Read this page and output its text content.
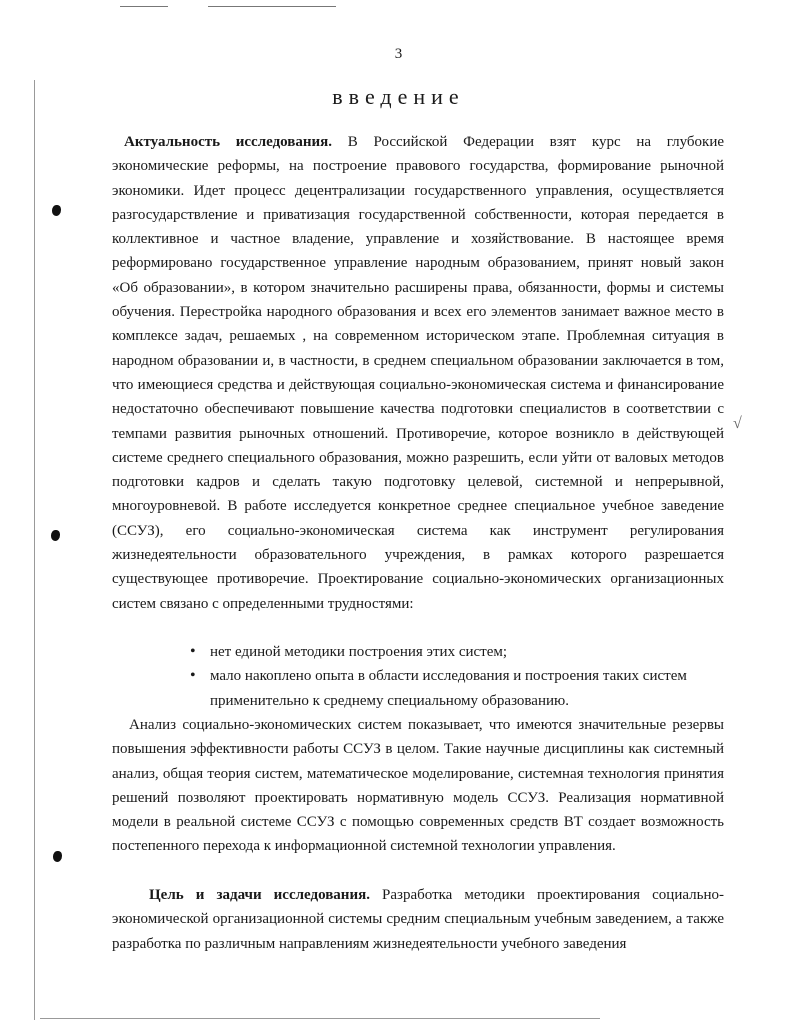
√
3
введение
Актуальность исследования. В Российской Федерации взят курс на глубокие экономические реформы, на построение правового государства, формирование рыночной экономики. Идет процесс децентрализации государственного управления, осуществляется разгосударствление и приватизация государственной собственности, которая передается в коллективное и частное владение, управление и хозяйствование. В настоящее время реформировано государственное управление народным образованием, принят новый закон «Об образовании», в котором значительно расширены права, обязанности, формы и системы обучения. Перестройка народного образования и всех его элементов занимает важное место в комплексе задач, решаемых , на современном историческом этапе. Проблемная ситуация в народном образовании и, в частности, в среднем специальном образовании заключается в том, что имеющиеся средства и действующая социально-экономическая система и финансирование недостаточно обеспечивают повышение качества подготовки специалистов в соответствии с темпами развития рыночных отношений. Противоречие, которое возникло в действующей системе среднего специального образования, можно разрешить, если уйти от валовых методов подготовки кадров и сделать такую подготовку целевой, системной и непрерывной, многоуровневой. В работе исследуется конкретное среднее специальное учебное заведение (ССУЗ), его социально-экономическая система как инструмент регулирования жизнедеятельности образовательного учреждения, в рамках которого разрешается существующее противоречие. Проектирование социально-экономических организационных систем связано с определенными трудностями:
• нет единой методики построения этих систем;
• мало накоплено опыта в области исследования и построения таких систем применительно к среднему специальному образованию.
Анализ социально-экономических систем показывает, что имеются значительные резервы повышения эффективности работы ССУЗ в целом. Такие научные дисциплины как системный анализ, общая теория систем, математическое моделирование, системная технология принятия решений позволяют проектировать нормативную модель ССУЗ. Реализация нормативной модели в реальной системе ССУЗ с помощью современных средств ВТ создает возможность постепенного перехода к информационной системной технологии управления.
Цель и задачи исследования. Разработка методики проектирования социально-экономической организационной системы средним специальным учебным заведением, а также разработка по различным направлениям жизнедеятельности учебного заведения
